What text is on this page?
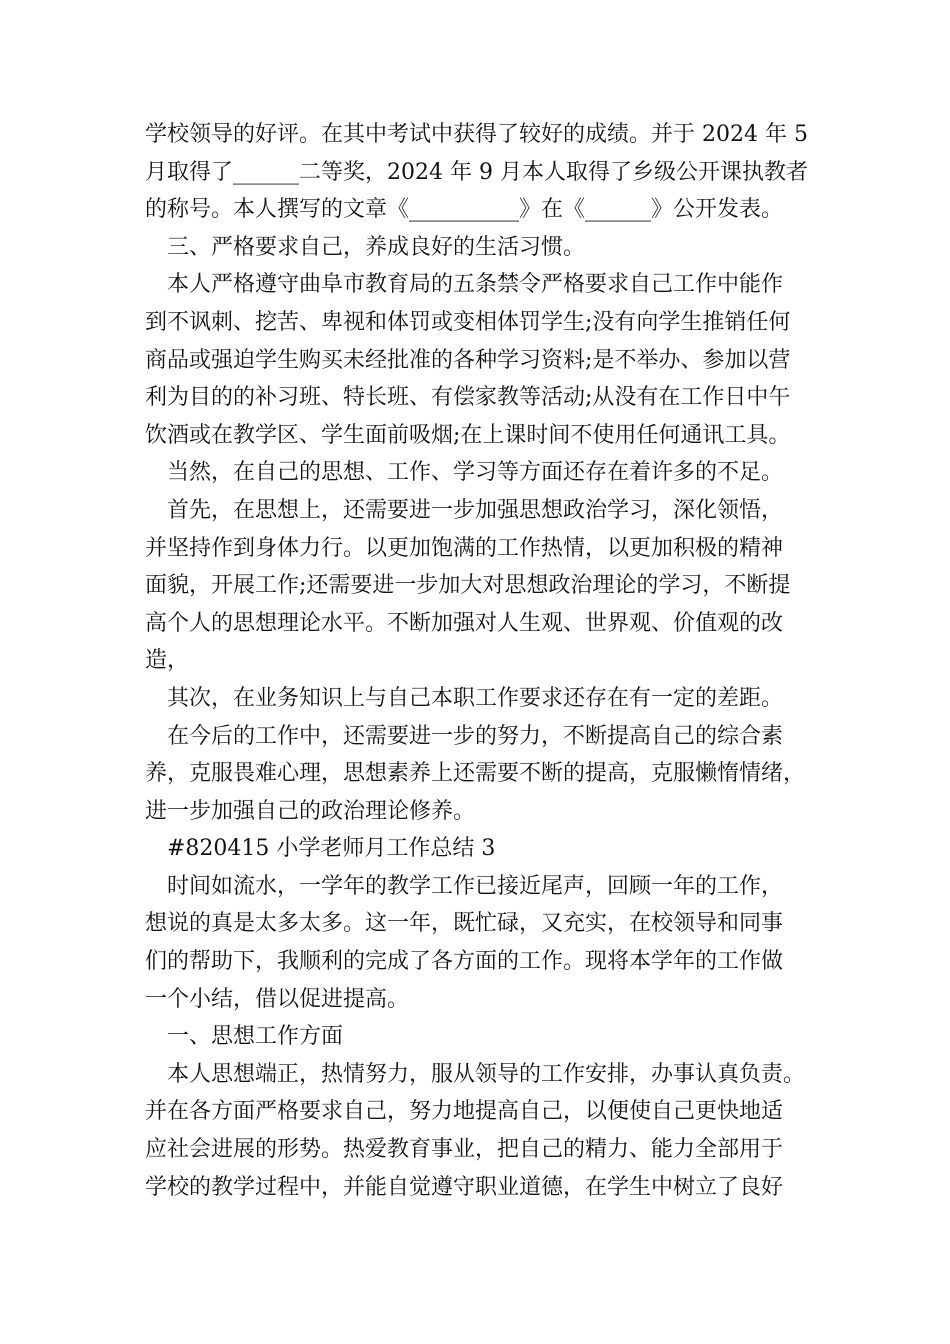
学校领导的好评。在其中考试中获得了较好的成绩。并于 2024 年 5
月取得了______二等奖，2024 年 9 月本人取得了乡级公开课执教者
的称号。本人撰写的文章《__________》在《______》公开发表。
三、严格要求自己，养成良好的生活习惯。
本人严格遵守曲阜市教育局的五条禁令严格要求自己工作中能作
到不讽刺、挖苦、卑视和体罚或变相体罚学生;没有向学生推销任何
商品或强迫学生购买未经批准的各种学习资料;是不举办、参加以营
利为目的的补习班、特长班、有偿家教等活动;从没有在工作日中午
饮酒或在教学区、学生面前吸烟;在上课时间不使用任何通讯工具。
当然，在自己的思想、工作、学习等方面还存在着许多的不足。
首先，在思想上，还需要进一步加强思想政治学习，深化领悟，
并坚持作到身体力行。以更加饱满的工作热情，以更加积极的精神
面貌，开展工作;还需要进一步加大对思想政治理论的学习，不断提
高个人的思想理论水平。不断加强对人生观、世界观、价值观的改
造，
其次，在业务知识上与自己本职工作要求还存在有一定的差距。
在今后的工作中，还需要进一步的努力，不断提高自己的综合素
养，克服畏难心理，思想素养上还需要不断的提高，克服懒惰情绪，
进一步加强自己的政治理论修养。
#820415 小学老师月工作总结 3
时间如流水，一学年的教学工作已接近尾声，回顾一年的工作，
想说的真是太多太多。这一年，既忙碌，又充实，在校领导和同事
们的帮助下，我顺利的完成了各方面的工作。现将本学年的工作做
一个小结，借以促进提高。
一、思想工作方面
本人思想端正，热情努力，服从领导的工作安排，办事认真负责。
并在各方面严格要求自己，努力地提高自己，以便使自己更快地适
应社会进展的形势。热爱教育事业，把自己的精力、能力全部用于
学校的教学过程中，并能自觉遵守职业道德，在学生中树立了良好
